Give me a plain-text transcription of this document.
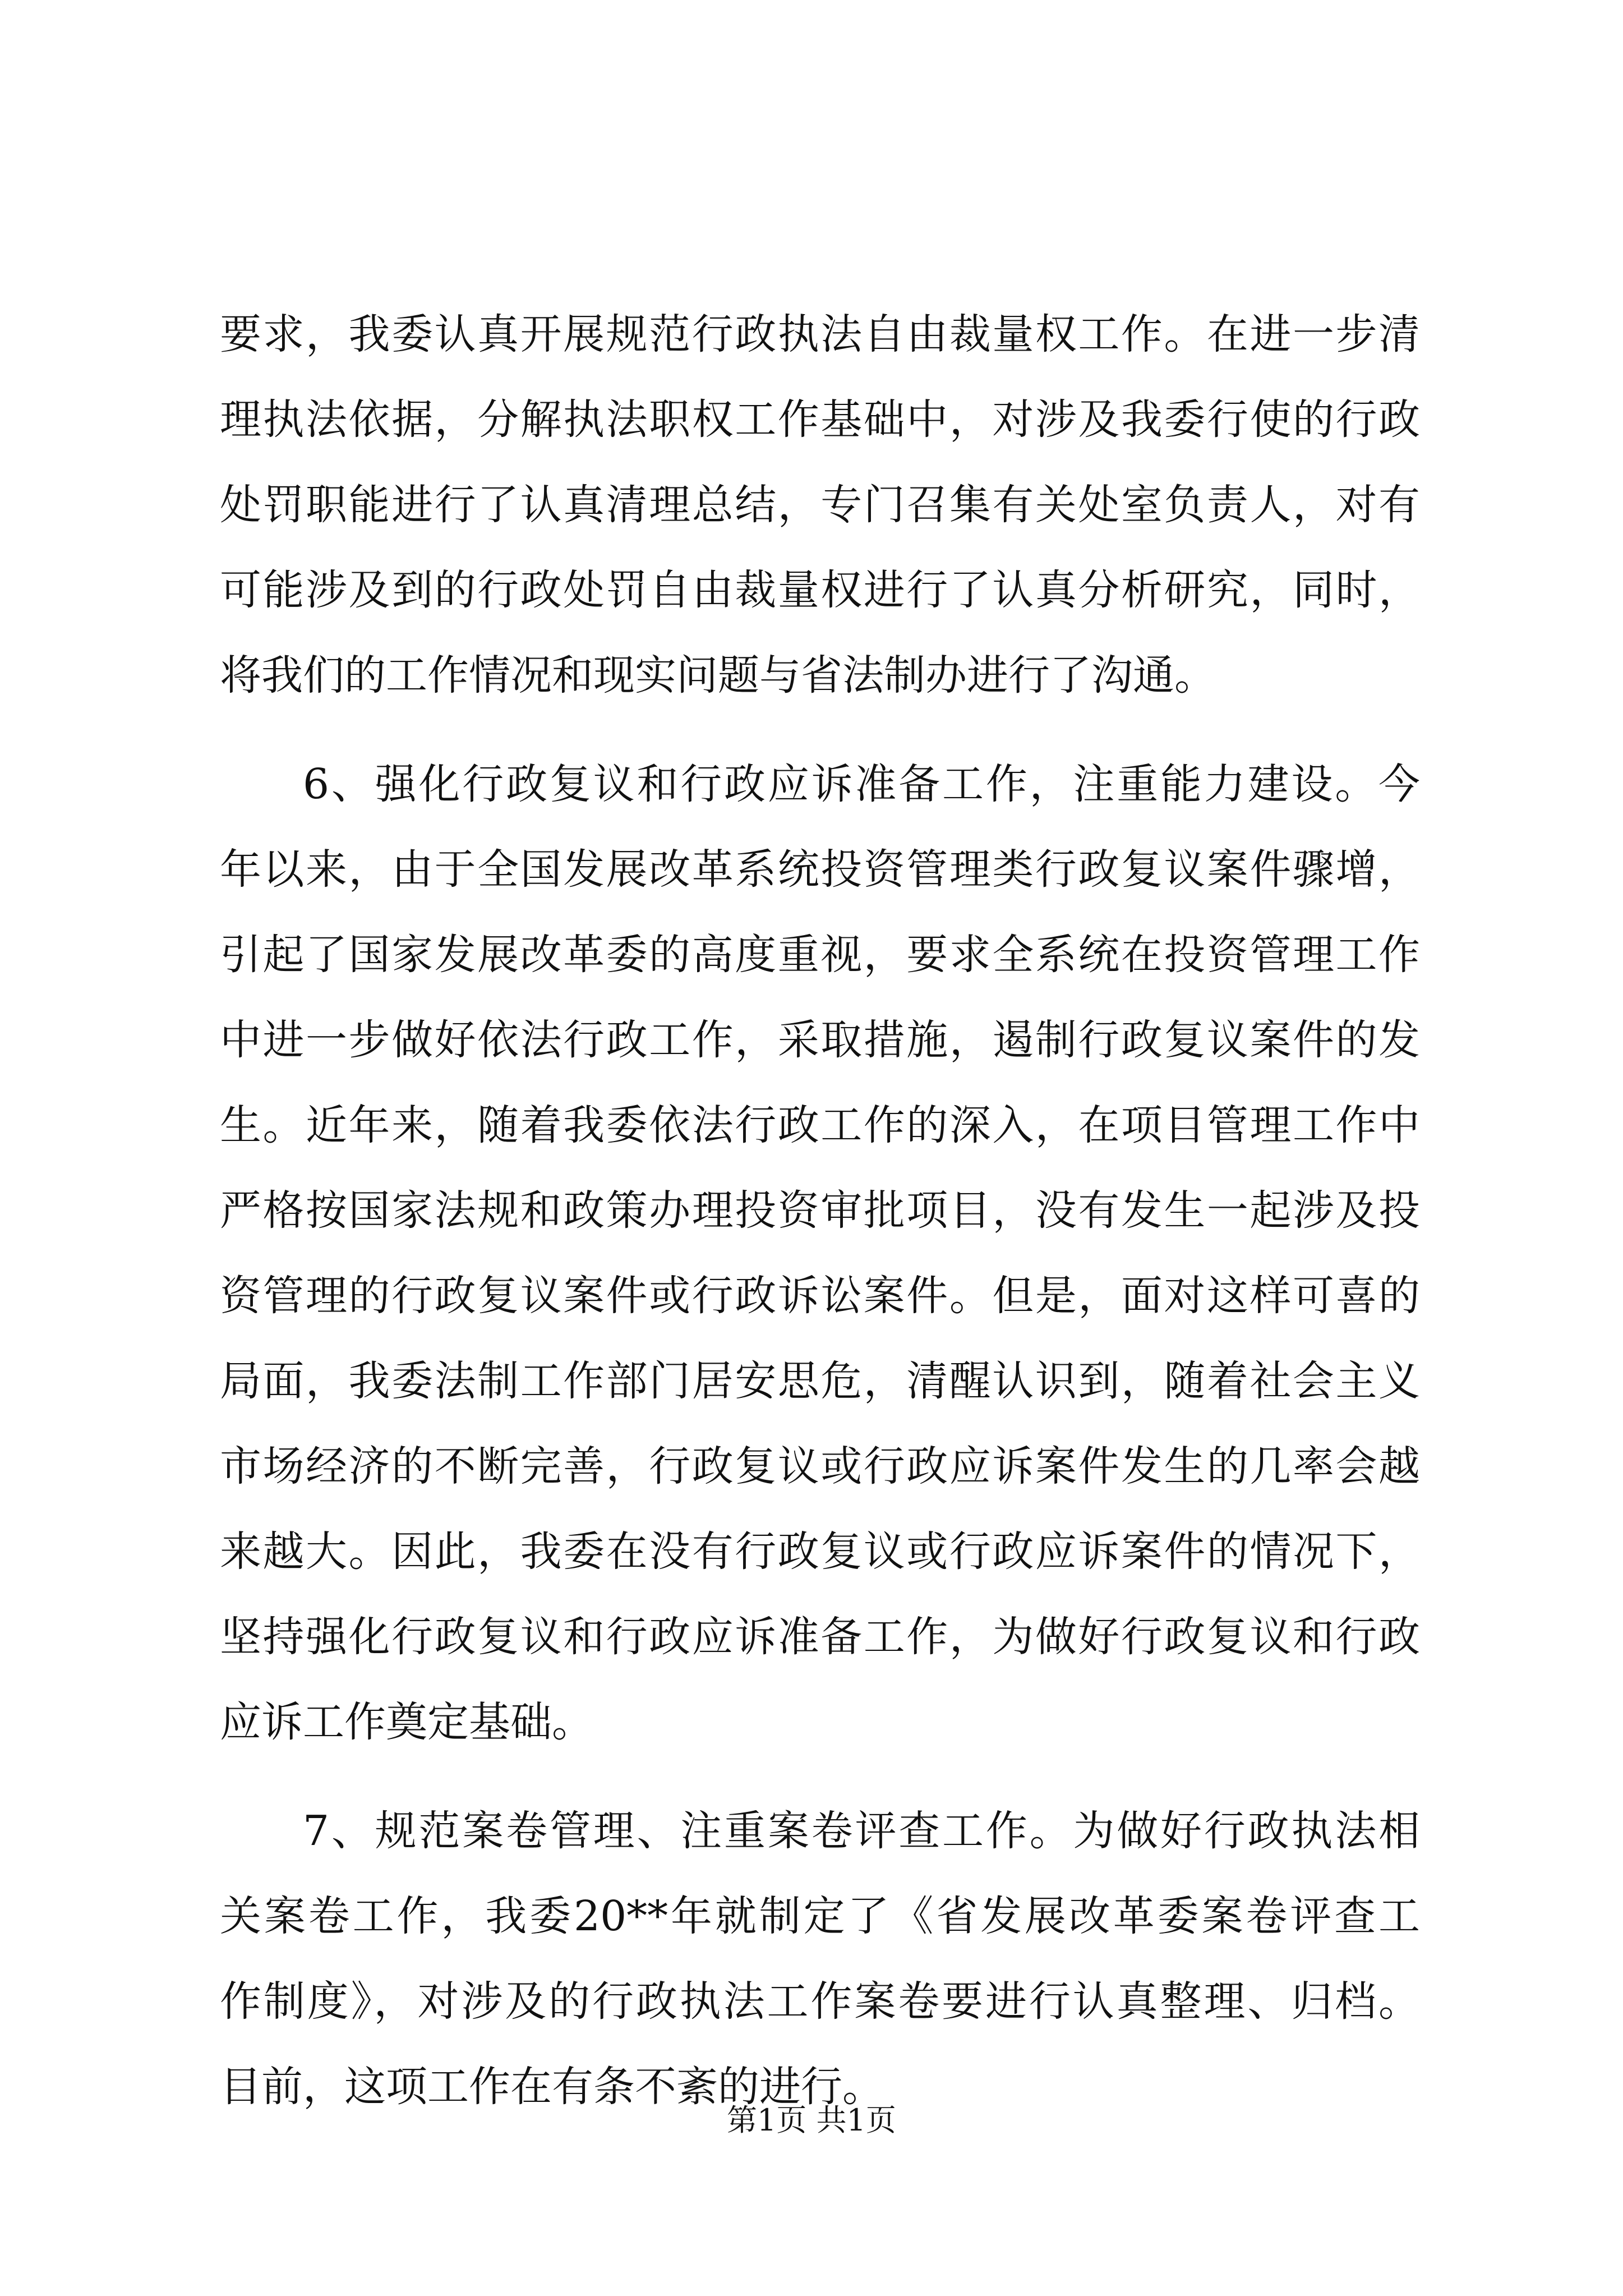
要求，我委认真开展规范行政执法自由裁量权工作。在进一步清
理执法依据，分解执法职权工作基础中，对涉及我委行使的行政
处罚职能进行了认真清理总结，专门召集有关处室负责人，对有
可能涉及到的行政处罚自由裁量权进行了认真分析研究，同时，
将我们的工作情况和现实问题与省法制办进行了沟通。
6、强化行政复议和行政应诉准备工作，注重能力建设。今
年以来，由于全国发展改革系统投资管理类行政复议案件骤增，
引起了国家发展改革委的高度重视，要求全系统在投资管理工作
中进一步做好依法行政工作，采取措施，遏制行政复议案件的发
生。近年来，随着我委依法行政工作的深入，在项目管理工作中
严格按国家法规和政策办理投资审批项目，没有发生一起涉及投
资管理的行政复议案件或行政诉讼案件。但是，面对这样可喜的
局面，我委法制工作部门居安思危，清醒认识到，随着社会主义
市场经济的不断完善，行政复议或行政应诉案件发生的几率会越
来越大。因此，我委在没有行政复议或行政应诉案件的情况下，
坚持强化行政复议和行政应诉准备工作，为做好行政复议和行政
应诉工作奠定基础。
7、规范案卷管理、注重案卷评查工作。为做好行政执法相
关案卷工作，我委20**年就制定了《省发展改革委案卷评查工
作制度》，对涉及的行政执法工作案卷要进行认真整理、归档。
目前，这项工作在有条不紊的进行。
第1页 共1页
